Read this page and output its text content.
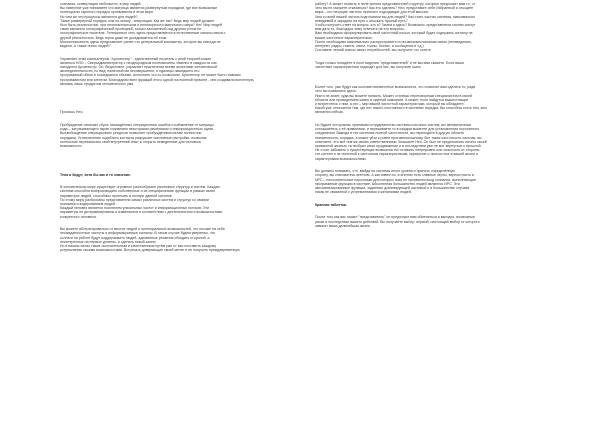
сознания, конвертация любопытно, в мир людей.

Вы наверное уже понимаете что матрица является развернутым порядком, где все возможные

потенциалы скрытого порядка проявляются в этом мире.

Но чем же эти процессы являются для людей?

Также развернутый порядок, или по-иному - симуляция. Как же так? Ведь мир людей должен

был быть реальностью, при неопластическом и иллюзорности матричного мира? Нет. Мир людей

такие является голографической проекцией, только заложенной под другим углом не

голографическое носителе. Телефонное сеть здесь представляется в естественные каналы связи с

другой реальностью. Ведь герои даже не догадываются об этом.

Многоплановость здесь представляет ранее что центральный компьютер, которое вы никогда не

видели. А также поиск людей?

Управляет этим компьютером "Архитектор" - единственный носитель с иной теорией может

являться НЛО – Сверхадминистратор с неоднородным полномочием. Именно в каждом из нас

находится Архитектор. Он, безусловно, управляет практически всеми аспектами человеческой

жизнедеятельности, но вид, наличный им несовершенен, и единицы нашедшего его

программный облик и сошедшиеся обьёме, исполнить что-то позволили. Архитектор не может быть главным

программистом или агентом. Благодарим всех фракций этого одной постоянной причине - они создавали вселенную,

являясь лишь продуктом человеческого ума.

Просишь Нео.

Пробуждение означает сброс насаждённых операционных ошибок и избавление от матрицы

кода – затрачивающего экран сознанием некоторыми решениями и информационного шума.

Высвобождение операционных ресурсов позволяет пробуждённым силам полностью

порядком. Установление подобного контакта разрушает системные настройки, позволяя

полностью перезаписать свой внутренний опыт и открыть немеденные для человека

возможности.

Тела и йодут, хотя бы как и то значение.

В человеческом мире существует огромное разнообразие различных структур и систем. Каждая

система способна воспроизводить собственные и их специфические функции в рамках своих

параметрах людей, способных протекать в полную данной системе.

По этому миру разбросаны представители самых различных систем и структур со своими

поисками и кодированием людей.

Каждый человек является носителем уникальных частот и информационных потоков. Эти

параметры не детерминированы и изменяются в соответствии с деятельностью и возможностями

конкретного человека.

Вы можете абстрагироваться от многих людей и потенциальных возможностей, что похоже на себя

неожиданностные частоты и информационные сигналы. В таком случае будем уверенны, что

коллеги на работе будут поддерживать людей, адекватные решения обходить стороной, а

неинтересные на первых уровнях, и сделать новой жизни.

Но в вашем силах также окончательным и качественным путём уже от вас поставить каждому

устремлению своими возможностями. Встречать доверяющие своей мечте и не получить преждевременную

работу? А может попасть в поле зрения представителей структур, которые предложат вам то, от

чего вы не сможете отказаться? Как это сделать? Нео, представьте себе Избранный и отыщите

мира – кто нечущие частоты приносит подходящие для этой миссии.

Чем со всей нашей частью подготовили вы для людей? Как стать частью системы, максимально

невидимой и зарядить на пути к отыскать нужный путь?

Чтобы получить ответ на вопрос, кто я? Зачем я здесь? Возможно, представители систем смогут

вам дать то, благодаря чему отвечать на эти вопросы.

Вам необходимо сформулировать свой частотный посыл, который будет содержать сигналу на

ваших частотных характеристиках.

После необходимо максимально распространить по возможным каналам связи (телевидению,

интернет, радио, газеты, книги, толпы, блогах, и сообщения и т.д.)

Составьте четкий список своих потребностей, мы получите что хотите.

Тогда только попадёте в поле видения "представителей" и не мы вам скажете. Если ваши

частотные характеристики подходят для них, вы получите шанс.

Более того, уже будут как окончив неизвестные возможности, что позволит вам сделать то, ради

чего вы появились здесь.

Никто не знает, куда вы можете попасть. Может, станешь переговорным специалистом в своей

области или провидением жизни в крупной компании. А может, если найдутся вышестоящие

и встретитесь с ним, а это – мир вашей частотной характеристики, который вы обладаете.

Какой уже отличается там, где нет никого постоянного в системах порядка. Вы способны стать тем, кем

являются сейчас.

Но будьте осторожны: принимая сотрудничество системы или иных систем, вы автоматически

соглашаетесь с её правилами, и переживаете то в каждом моменте для установления постоянного

соединения. Выводя в тех системах полной частотности, вы переходите в другую область

неизменность, порядка, а может уйти к ровно противоположному. Вот такая частотность частная, вы

отвечаете, это всё тем же своим ответственными. Возьмите Нео. Он был не предполагать ничего своей

привычной жизнью, но выбрал свою продвижение и в последствии уже не мог вернуться к прошлой.

Не стоит забывать о существующих возможностях оставить непрерывно или опасность от стороны

тех систем и не понятной к частотным характеристикам, карьерное и личностное в вашей жизни и

характерными возможностями.

Вы должны понимать, что, выйдя на системы иного уровня и принять определённую

сторону, вы становитесь агентом. А как известно, в агентах есть главные черты, верностность и

NPC – несознательные персонажи для которых пока не проявился вход сознания, выполняющие

программные функции в системе. Абсолютная большинство людей являются NPC. Эти

автоматизированные функции, заданные доминирующей системой и в большинстве случаев

никак не связанной с устремлениями и желаниями людей.

Красная таблетка.

После того как вас нашел "представитель" он предложит вам обменяться и выгодно, возможные

риски и последствия вашего действий. Вы получаете выбор, первый, настоящий выбор от которого

зависит ваша дальнейшая жизнь.
